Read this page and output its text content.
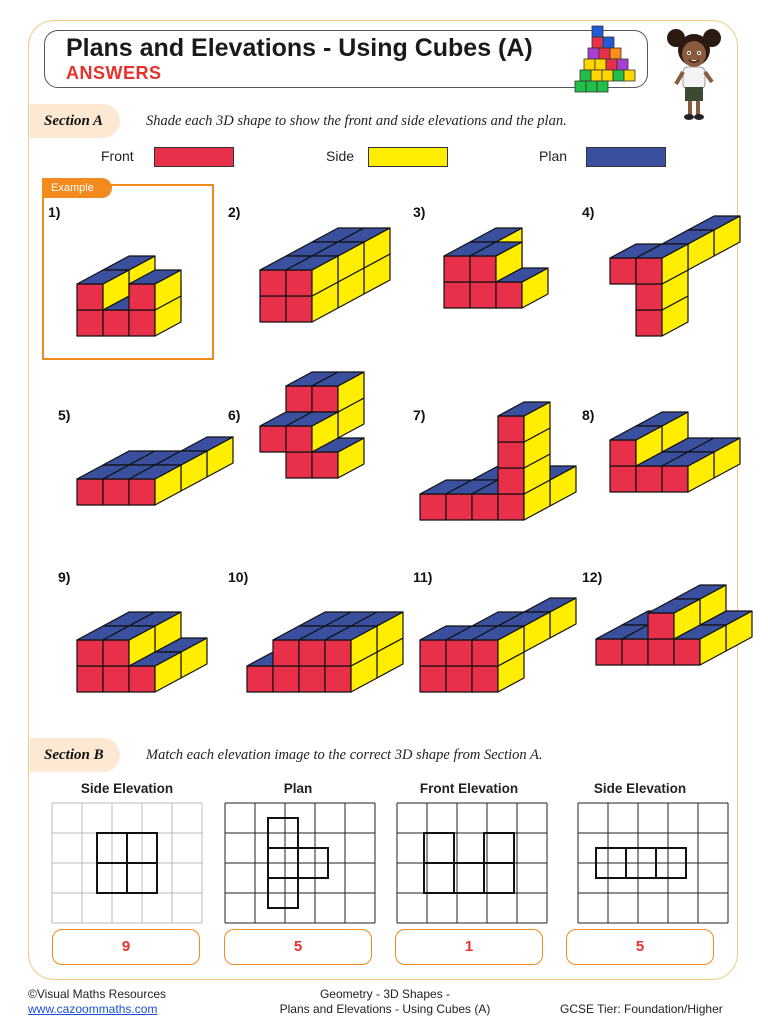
Plans and Elevations - Using Cubes (A)
ANSWERS
Section A	Shade each 3D shape to show the front and side elevations and the plan.
Front	Side	Plan
Example
1)	2)	3)	4)
5)	6)	7)	8)
9)	10)	11)	12)
Section B	Match each elevation image to the correct 3D shape from Section A.
Side Elevation	Plan	Front Elevation	Side Elevation
9	5	1	5
©Visual Maths Resources
www.cazoommaths.com
Geometry - 3D Shapes -
Plans and Elevations - Using Cubes (A)	GCSE Tier: Foundation/Higher
